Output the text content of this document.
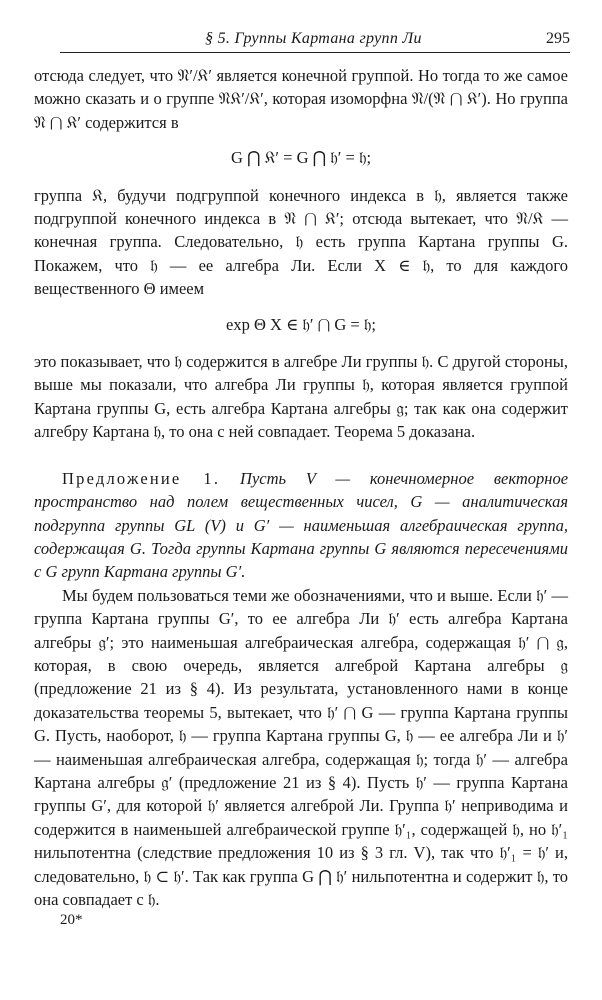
§ 5. Группы Картана групп Ли	295

отсюда следует, что 𝔑′/𝔎′ является конечной группой. Но тогда то же самое можно сказать и о группе 𝔑𝔎′/𝔎′, которая изоморфна 𝔑/(𝔑 ⋂ 𝔎′). Но группа 𝔑 ⋂ 𝔎′ содержится в

G ⋂ 𝔎′ = G ⋂ 𝔥′ = 𝔥;

группа 𝔎, будучи подгруппой конечного индекса в 𝔥, является также подгруппой конечного индекса в 𝔑 ⋂ 𝔎′; отсюда вытекает, что 𝔑/𝔎 — конечная группа. Следовательно, 𝔥 есть группа Картана группы G. Покажем, что 𝔥 — ее алгебра Ли. Если X ∈ 𝔥, то для каждого вещественного Θ имеем

exp Θ X ∈ 𝔥′ ⋂ G = 𝔥;

это показывает, что 𝔥 содержится в алгебре Ли группы 𝔥. С другой стороны, выше мы показали, что алгебра Ли группы 𝔥, которая является группой Картана группы G, есть алгебра Картана алгебры 𝔤; так как она содержит алгебру Картана 𝔥, то она с ней совпадает. Теорема 5 доказана.

Предложение 1. Пусть V — конечномерное векторное пространство над полем вещественных чисел, G — аналитическая подгруппа группы GL (V) и G′ — наименьшая алгебраическая группа, содержащая G. Тогда группы Картана группы G являются пересечениями с G групп Картана группы G′.

Мы будем пользоваться теми же обозначениями, что и выше. Если 𝔥′ — группа Картана группы G′, то ее алгебра Ли 𝔥′ есть алгебра Картана алгебры 𝔤′; это наименьшая алгебраическая алгебра, содержащая 𝔥′ ⋂ 𝔤, которая, в свою очередь, является алгеброй Картана алгебры 𝔤 (предложение 21 из § 4). Из результата, установленного нами в конце доказательства теоремы 5, вытекает, что 𝔥′ ⋂ G — группа Картана группы G. Пусть, наоборот, 𝔥 — группа Картана группы G, 𝔥 — ее алгебра Ли и 𝔥′ — наименьшая алгебраическая алгебра, содержащая 𝔥; тогда 𝔥′ — алгебра Картана алгебры 𝔤′ (предложение 21 из § 4). Пусть 𝔥′ — группа Картана группы G′, для которой 𝔥′ является алгеброй Ли. Группа 𝔥′ неприводима и содержится в наименьшей алгебраической группе 𝔥′₁, содержащей 𝔥, но 𝔥′₁ нильпотентна (следствие предложения 10 из § 3 гл. V), так что 𝔥′₁ = 𝔥′ и, следовательно, 𝔥 ⊂ 𝔥′. Так как группа G ⋂ 𝔥′ нильпотентна и содержит 𝔥, то она совпадает с 𝔥.

20*
